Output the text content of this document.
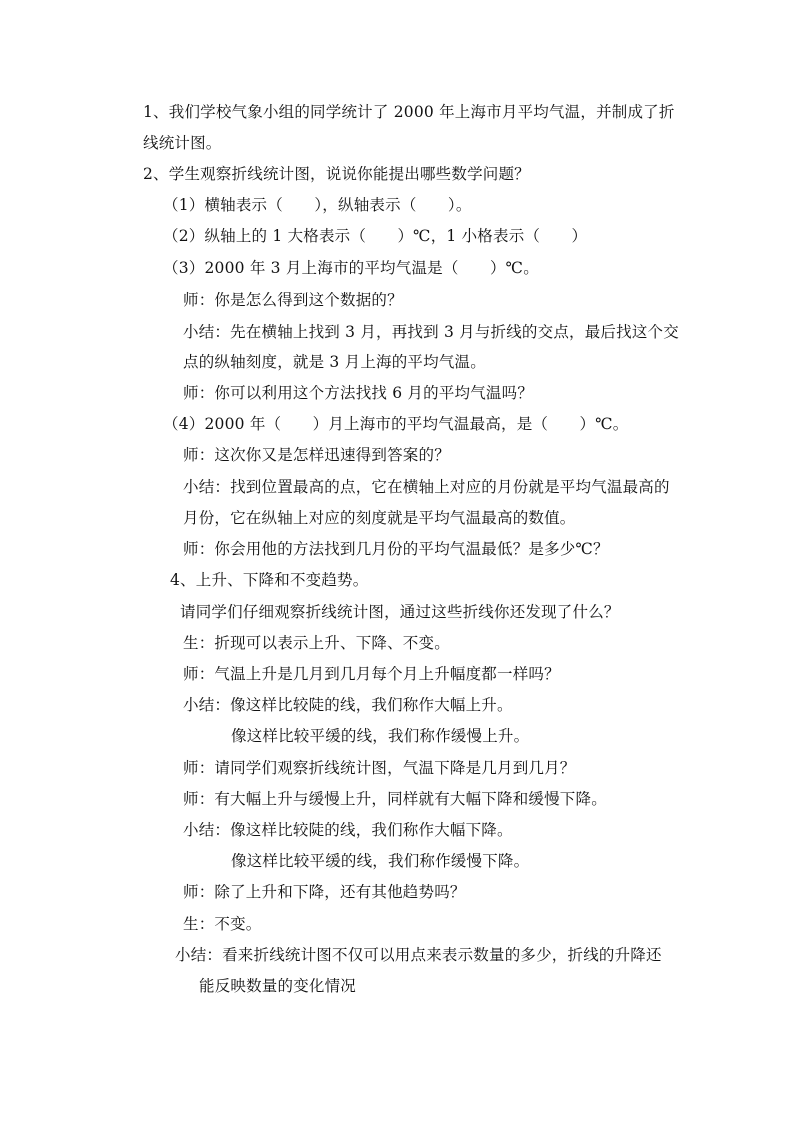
1、我们学校气象小组的同学统计了 2000 年上海市月平均气温，并制成了折
线统计图。
2、学生观察折线统计图，说说你能提出哪些数学问题？
（1）横轴表示（　　），纵轴表示（　　）。
（2）纵轴上的 1 大格表示（　　）℃，1 小格表示（　　）
（3）2000 年 3 月上海市的平均气温是（　　）℃。
师：你是怎么得到这个数据的？
小结：先在横轴上找到 3 月，再找到 3 月与折线的交点，最后找这个交
点的纵轴刻度，就是 3 月上海的平均气温。
师：你可以利用这个方法找找 6 月的平均气温吗？
（4）2000 年（　　）月上海市的平均气温最高，是（　　）℃。
师：这次你又是怎样迅速得到答案的？
小结：找到位置最高的点，它在横轴上对应的月份就是平均气温最高的
月份，它在纵轴上对应的刻度就是平均气温最高的数值。
师：你会用他的方法找到几月份的平均气温最低？是多少℃？
4、上升、下降和不变趋势。
请同学们仔细观察折线统计图，通过这些折线你还发现了什么？
生：折现可以表示上升、下降、不变。
师：气温上升是几月到几月每个月上升幅度都一样吗？
小结：像这样比较陡的线，我们称作大幅上升。
像这样比较平缓的线，我们称作缓慢上升。
师：请同学们观察折线统计图，气温下降是几月到几月？
师：有大幅上升与缓慢上升，同样就有大幅下降和缓慢下降。
小结：像这样比较陡的线，我们称作大幅下降。
像这样比较平缓的线，我们称作缓慢下降。
师：除了上升和下降，还有其他趋势吗？
生：不变。
小结：看来折线统计图不仅可以用点来表示数量的多少，折线的升降还
能反映数量的变化情况
